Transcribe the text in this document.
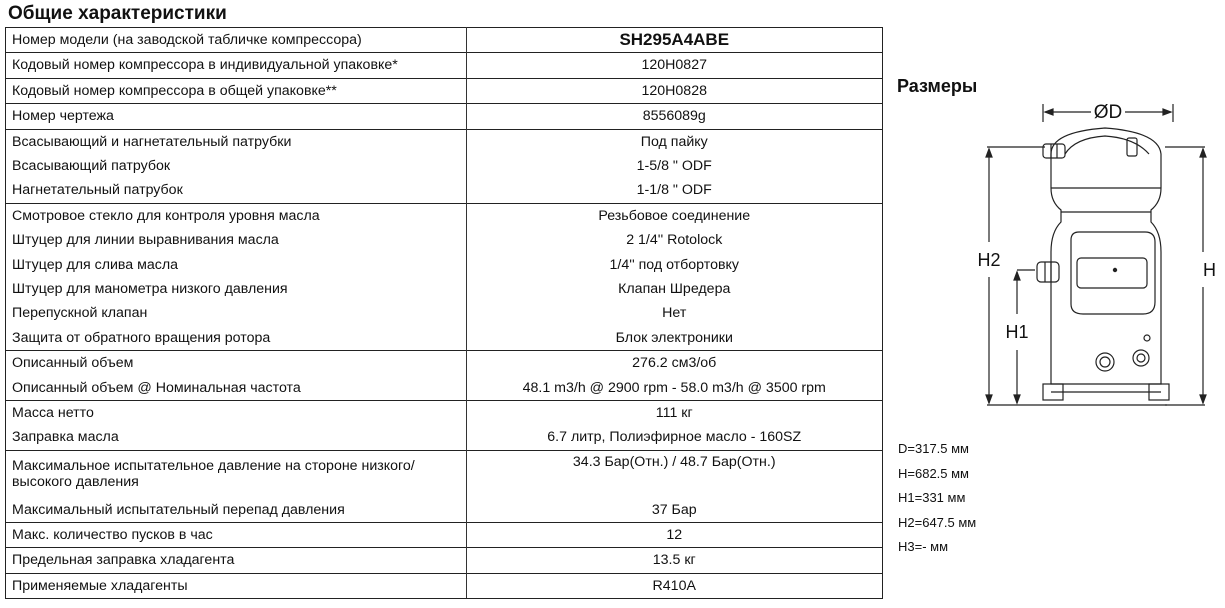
Общие характеристики
Номер модели (на заводской табличке компрессора)	SH295A4ABE
Кодовый номер компрессора в индивидуальной упаковке*	120H0827
Кодовый номер компрессора в общей упаковке**	120H0828
Номер чертежа	8556089g
Всасывающий и нагнетательный патрубки	Под пайку
Всасывающий патрубок	1-5/8 " ODF
Нагнетательный патрубок	1-1/8 " ODF
Смотровое стекло для контроля уровня масла	Резьбовое соединение
Штуцер для линии выравнивания масла	2 1/4'' Rotolock
Штуцер для слива масла	1/4'' под отбортовку
Штуцер для манометра низкого давления	Клапан Шредера
Перепускной клапан	Нет
Защита от обратного вращения ротора	Блок электроники
Описанный объем	276.2 см3/об
Описанный объем @ Номинальная частота	48.1 m3/h @ 2900 rpm - 58.0 m3/h @ 3500 rpm
Масса нетто	111 кг
Заправка масла	6.7 литр, Полиэфирное масло - 160SZ
Максимальное испытательное давление на стороне низкого/высокого давления	34.3 Бар(Отн.) / 48.7 Бар(Отн.)
Максимальный испытательный перепад давления	37 Бар
Макс. количество пусков в час	12
Предельная заправка хладагента	13.5 кг
Применяемые хладагенты	R410A
Размеры
ØD
H2	H
H1
D=317.5 мм
H=682.5 мм
H1=331 мм
H2=647.5 мм
H3=- мм
